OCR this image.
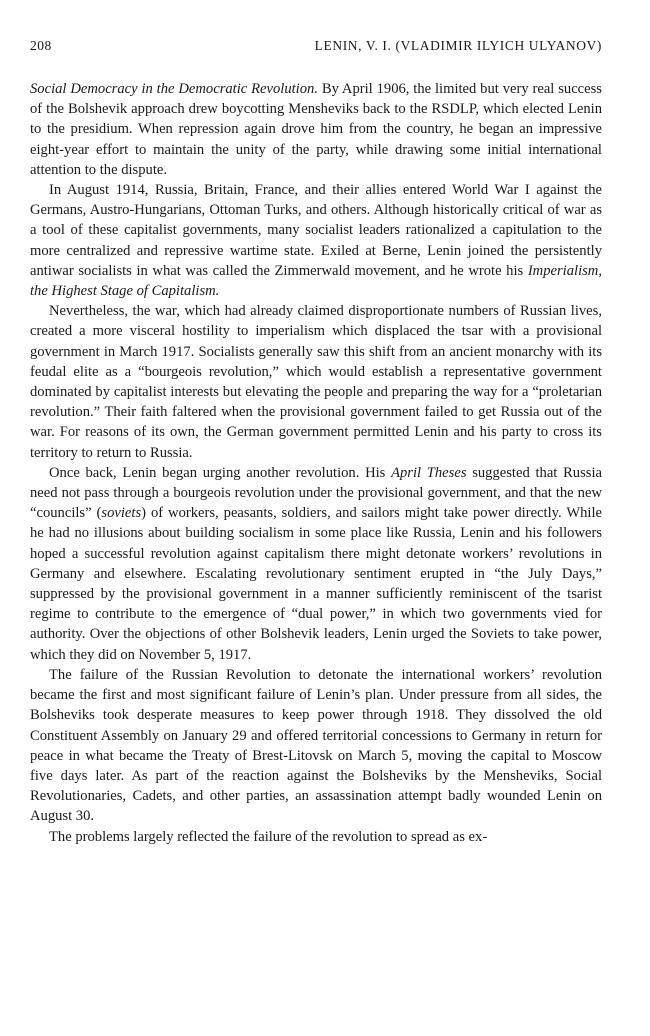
208	LENIN, V. I. (VLADIMIR ILYICH ULYANOV)

Social Democracy in the Democratic Revolution. By April 1906, the limited but very real success of the Bolshevik approach drew boycotting Mensheviks back to the RSDLP, which elected Lenin to the presidium. When repression again drove him from the country, he began an impressive eight-year effort to maintain the unity of the party, while drawing some initial international attention to the dispute.

In August 1914, Russia, Britain, France, and their allies entered World War I against the Germans, Austro-Hungarians, Ottoman Turks, and others. Although historically critical of war as a tool of these capitalist governments, many socialist leaders rationalized a capitulation to the more centralized and repressive wartime state. Exiled at Berne, Lenin joined the persistently antiwar socialists in what was called the Zimmerwald movement, and he wrote his Imperialism, the Highest Stage of Capitalism.

Nevertheless, the war, which had already claimed disproportionate numbers of Russian lives, created a more visceral hostility to imperialism which displaced the tsar with a provisional government in March 1917. Socialists generally saw this shift from an ancient monarchy with its feudal elite as a “bourgeois revolution,” which would establish a representative government dominated by capitalist interests but elevating the people and preparing the way for a “proletarian revolution.” Their faith faltered when the provisional government failed to get Russia out of the war. For reasons of its own, the German government permitted Lenin and his party to cross its territory to return to Russia.

Once back, Lenin began urging another revolution. His April Theses suggested that Russia need not pass through a bourgeois revolution under the provisional government, and that the new “councils” (soviets) of workers, peasants, soldiers, and sailors might take power directly. While he had no illusions about building socialism in some place like Russia, Lenin and his followers hoped a successful revolution against capitalism there might detonate workers’ revolutions in Germany and elsewhere. Escalating revolutionary sentiment erupted in “the July Days,” suppressed by the provisional government in a manner sufficiently reminiscent of the tsarist regime to contribute to the emergence of “dual power,” in which two governments vied for authority. Over the objections of other Bolshevik leaders, Lenin urged the Soviets to take power, which they did on November 5, 1917.

The failure of the Russian Revolution to detonate the international workers’ revolution became the first and most significant failure of Lenin’s plan. Under pressure from all sides, the Bolsheviks took desperate measures to keep power through 1918. They dissolved the old Constituent Assembly on January 29 and offered territorial concessions to Germany in return for peace in what became the Treaty of Brest-Litovsk on March 5, moving the capital to Moscow five days later. As part of the reaction against the Bolsheviks by the Mensheviks, Social Revolutionaries, Cadets, and other parties, an assassination attempt badly wounded Lenin on August 30.

The problems largely reflected the failure of the revolution to spread as ex-
